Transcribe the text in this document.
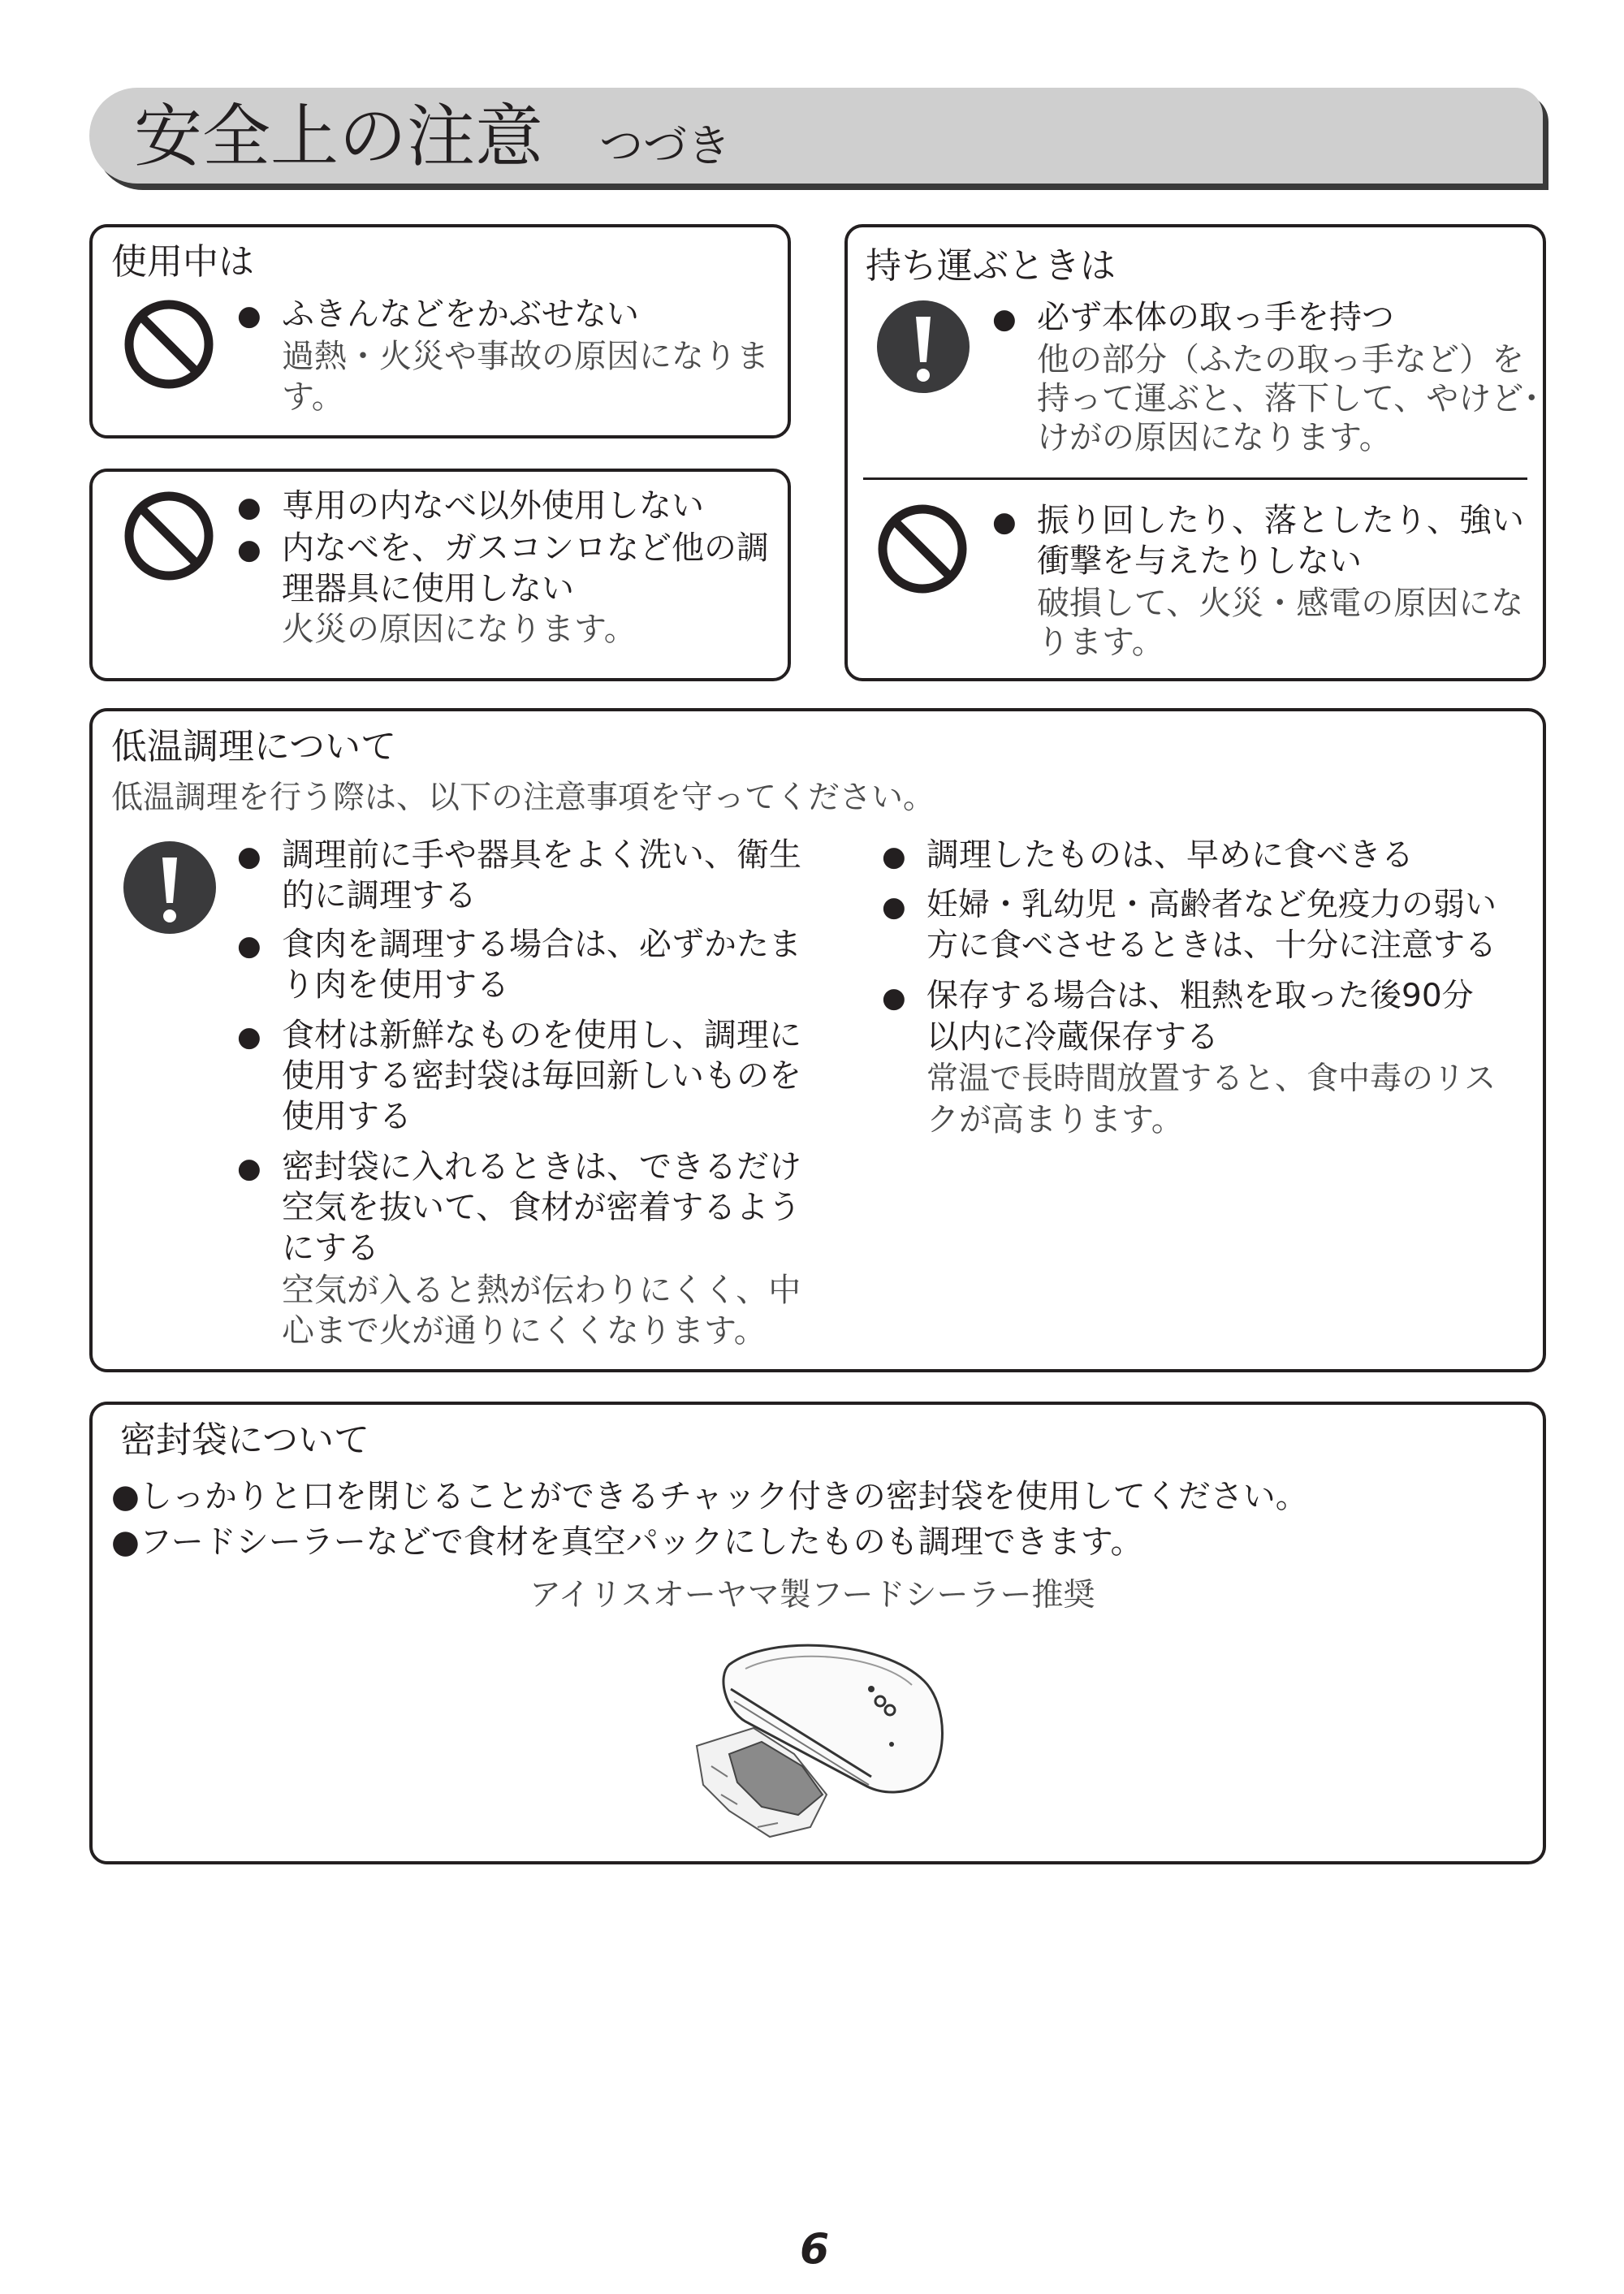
安全上の注意 つづき
使用中は
● ふきんなどをかぶせない
過熱・火災や事故の原因になりま
す。
● 専用の内なべ以外使用しない
● 内なべを、ガスコンロなど他の調
理器具に使用しない
火災の原因になります。
持ち運ぶときは
● 必ず本体の取っ手を持つ
他の部分（ふたの取っ手など）を
持って運ぶと、落下して、やけど･
けがの原因になります。
● 振り回したり、落としたり、強い
衝撃を与えたりしない
破損して、火災・感電の原因にな
ります。
低温調理について
低温調理を行う際は、以下の注意事項を守ってください。
● 調理前に手や器具をよく洗い、衛生
的に調理する
● 食肉を調理する場合は、必ずかたま
り肉を使用する
● 食材は新鮮なものを使用し、調理に
使用する密封袋は毎回新しいものを
使用する
● 密封袋に入れるときは、できるだけ
空気を抜いて、食材が密着するよう
にする
空気が入ると熱が伝わりにくく、中
心まで火が通りにくくなります。
● 調理したものは、早めに食べきる
● 妊婦・乳幼児・高齢者など免疫力の弱い
方に食べさせるときは、十分に注意する
● 保存する場合は、粗熱を取った後90分
以内に冷蔵保存する
常温で長時間放置すると、食中毒のリス
クが高まります。
密封袋について
●しっかりと口を閉じることができるチャック付きの密封袋を使用してください。
●フードシーラーなどで食材を真空パックにしたものも調理できます。
アイリスオーヤマ製フードシーラー推奨
6
